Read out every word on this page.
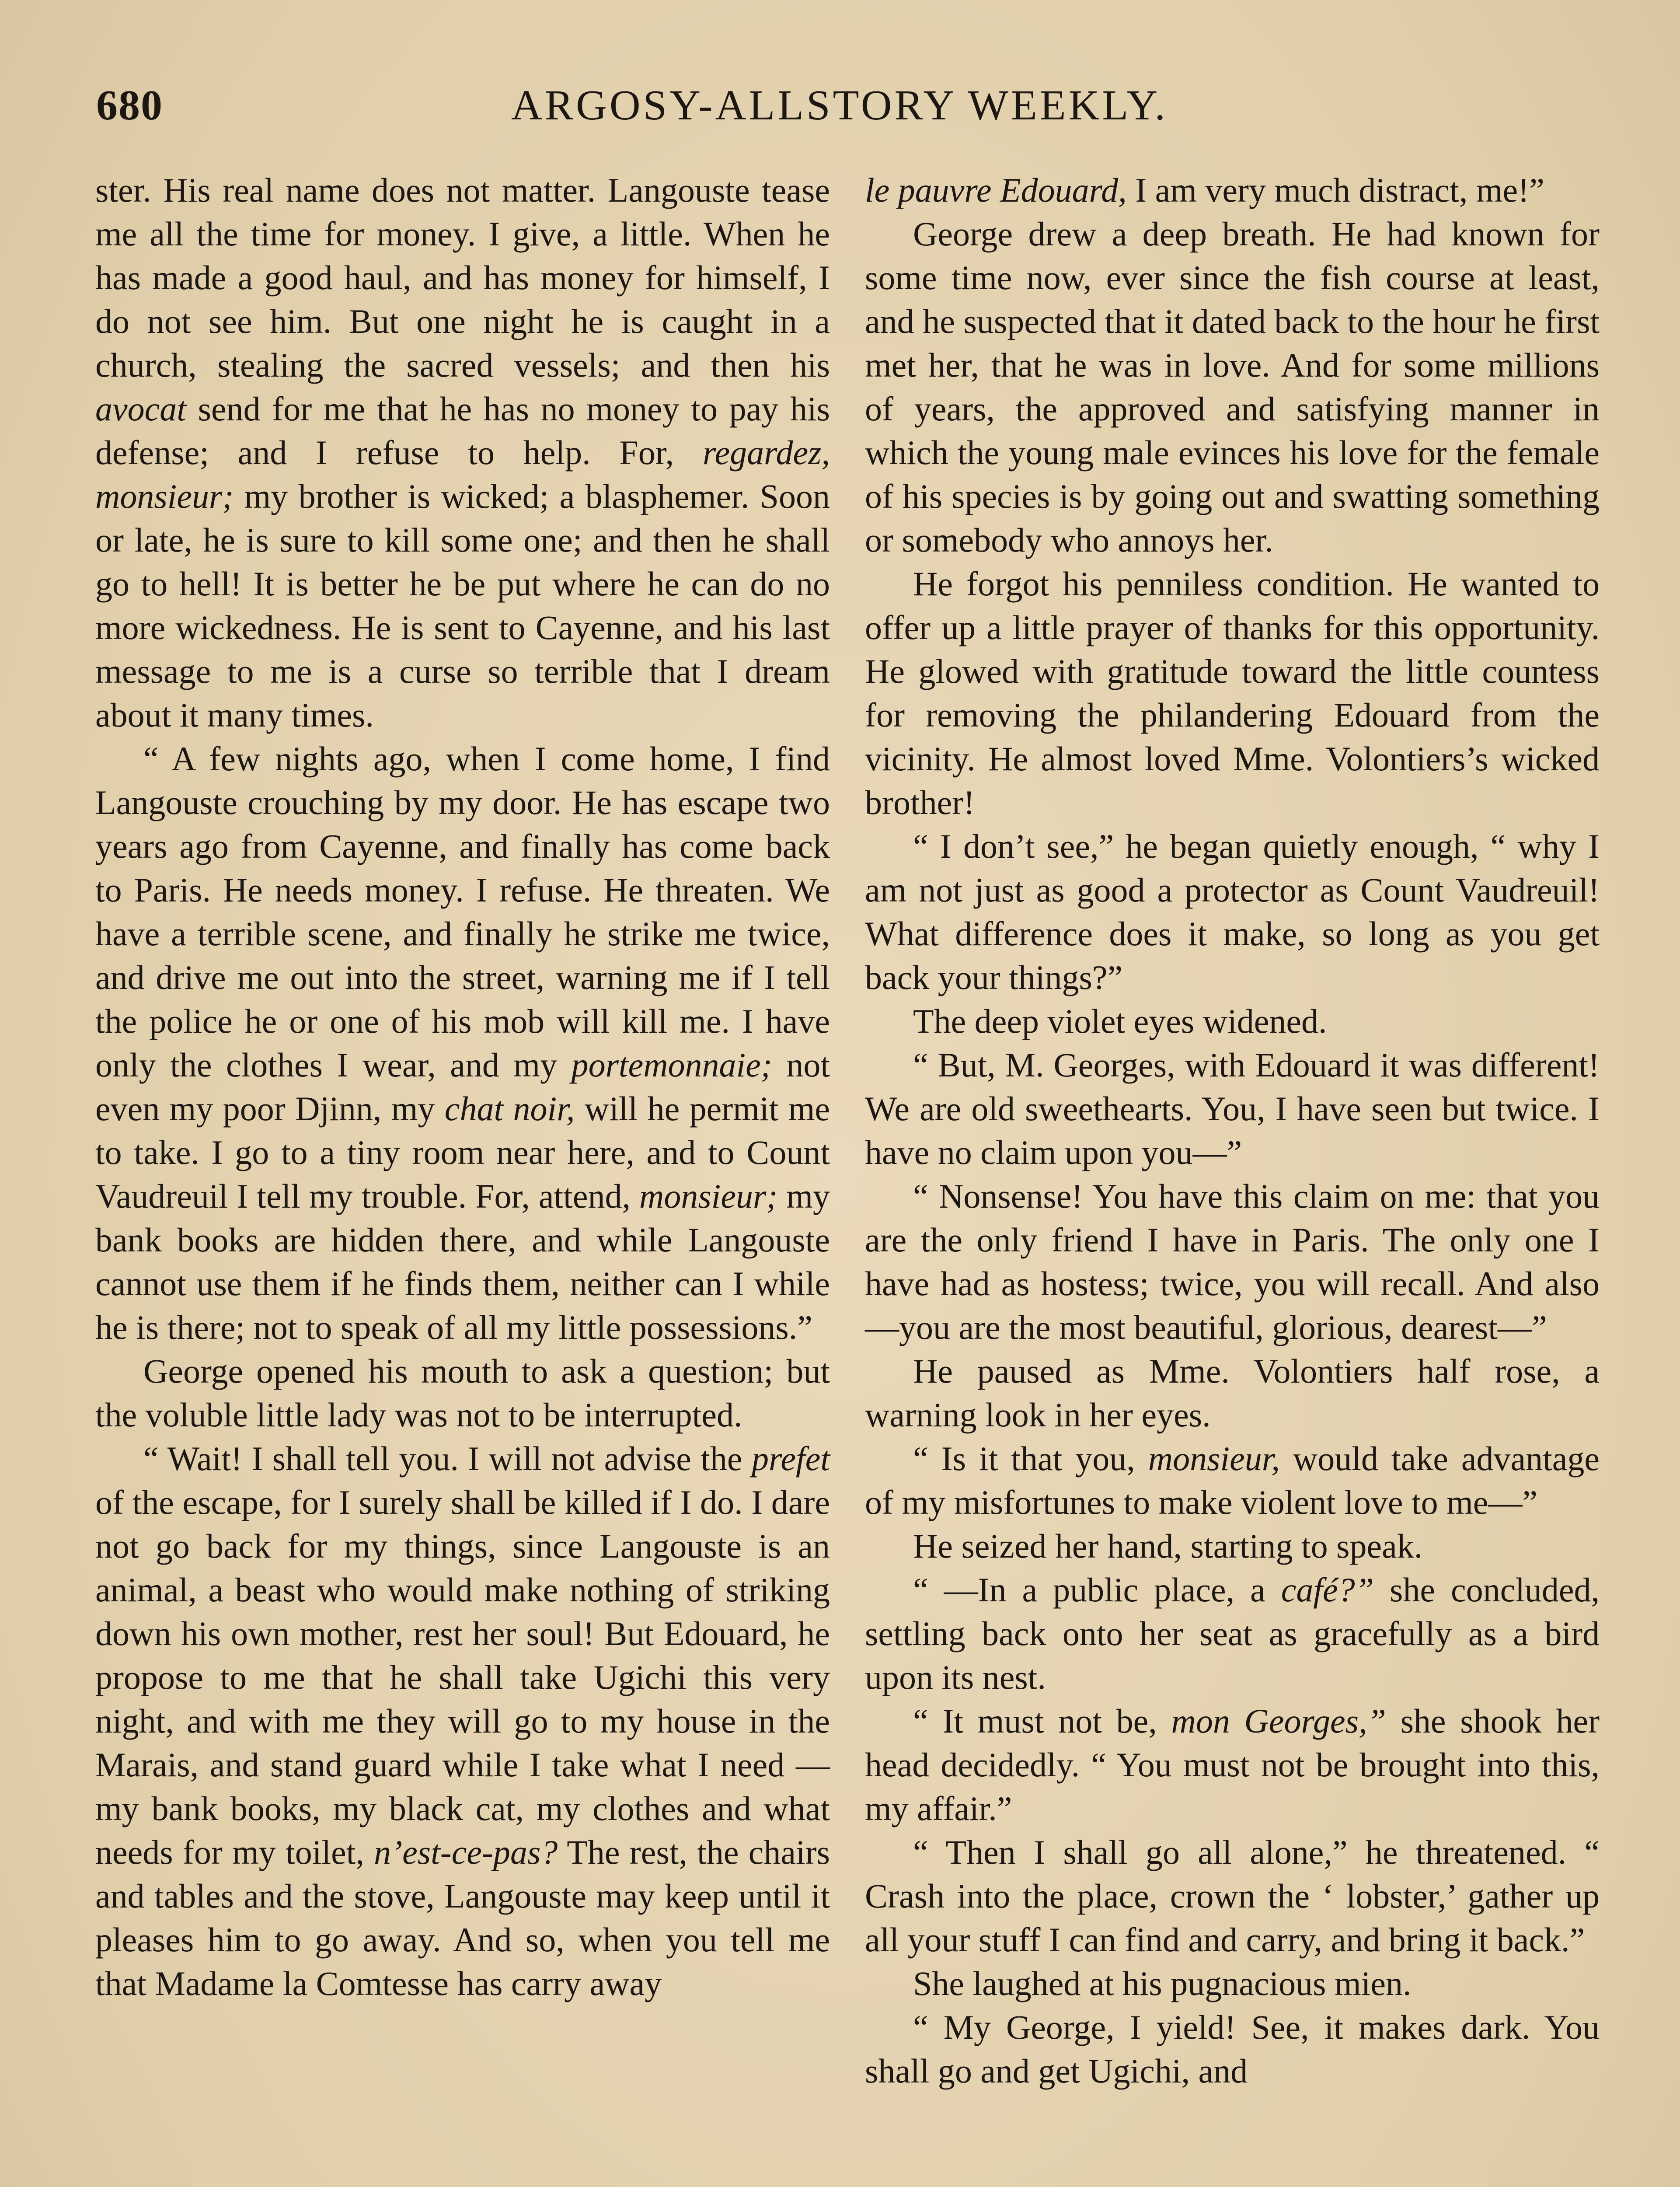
680	ARGOSY-ALLSTORY WEEKLY.

ster. His real name does not matter. Langouste tease me all the time for money. I give, a little. When he has made a good haul, and has money for himself, I do not see him. But one night he is caught in a church, stealing the sacred vessels; and then his avocat send for me that he has no money to pay his defense; and I refuse to help. For, regardez, monsieur; my brother is wicked; a blasphemer. Soon or late, he is sure to kill some one; and then he shall go to hell! It is better he be put where he can do no more wickedness. He is sent to Cayenne, and his last message to me is a curse so terrible that I dream about it many times.

“ A few nights ago, when I come home, I find Langouste crouching by my door. He has escape two years ago from Cayenne, and finally has come back to Paris. He needs money. I refuse. He threaten. We have a terrible scene, and finally he strike me twice, and drive me out into the street, warning me if I tell the police he or one of his mob will kill me. I have only the clothes I wear, and my portemonnaie; not even my poor Djinn, my chat noir, will he permit me to take. I go to a tiny room near here, and to Count Vaudreuil I tell my trouble. For, attend, monsieur; my bank books are hidden there, and while Langouste cannot use them if he finds them, neither can I while he is there; not to speak of all my little possessions.”

George opened his mouth to ask a question; but the voluble little lady was not to be interrupted.

“ Wait! I shall tell you. I will not advise the prefet of the escape, for I surely shall be killed if I do. I dare not go back for my things, since Langouste is an animal, a beast who would make nothing of striking down his own mother, rest her soul! But Edouard, he propose to me that he shall take Ugichi this very night, and with me they will go to my house in the Marais, and stand guard while I take what I need —my bank books, my black cat, my clothes and what needs for my toilet, n’est-ce-pas? The rest, the chairs and tables and the stove, Langouste may keep until it pleases him to go away. And so, when you tell me that Madame la Comtesse has carry away

le pauvre Edouard, I am very much distract, me!”

George drew a deep breath. He had known for some time now, ever since the fish course at least, and he suspected that it dated back to the hour he first met her, that he was in love. And for some millions of years, the approved and satisfying manner in which the young male evinces his love for the female of his species is by going out and swatting something or somebody who annoys her.

He forgot his penniless condition. He wanted to offer up a little prayer of thanks for this opportunity. He glowed with gratitude toward the little countess for removing the philandering Edouard from the vicinity. He almost loved Mme. Volontiers’s wicked brother!

“ I don’t see,” he began quietly enough, “ why I am not just as good a protector as Count Vaudreuil! What difference does it make, so long as you get back your things?”

The deep violet eyes widened.

“ But, M. Georges, with Edouard it was different! We are old sweethearts. You, I have seen but twice. I have no claim upon you—”

“ Nonsense! You have this claim on me: that you are the only friend I have in Paris. The only one I have had as hostess; twice, you will recall. And also—you are the most beautiful, glorious, dearest—”

He paused as Mme. Volontiers half rose, a warning look in her eyes.

“ Is it that you, monsieur, would take advantage of my misfortunes to make violent love to me—”

He seized her hand, starting to speak.

“ —In a public place, a café?” she concluded, settling back onto her seat as gracefully as a bird upon its nest.

“ It must not be, mon Georges,” she shook her head decidedly. “ You must not be brought into this, my affair.”

“ Then I shall go all alone,” he threatened. “ Crash into the place, crown the ‘ lobster,’ gather up all your stuff I can find and carry, and bring it back.”

She laughed at his pugnacious mien.

“ My George, I yield! See, it makes dark. You shall go and get Ugichi, and
